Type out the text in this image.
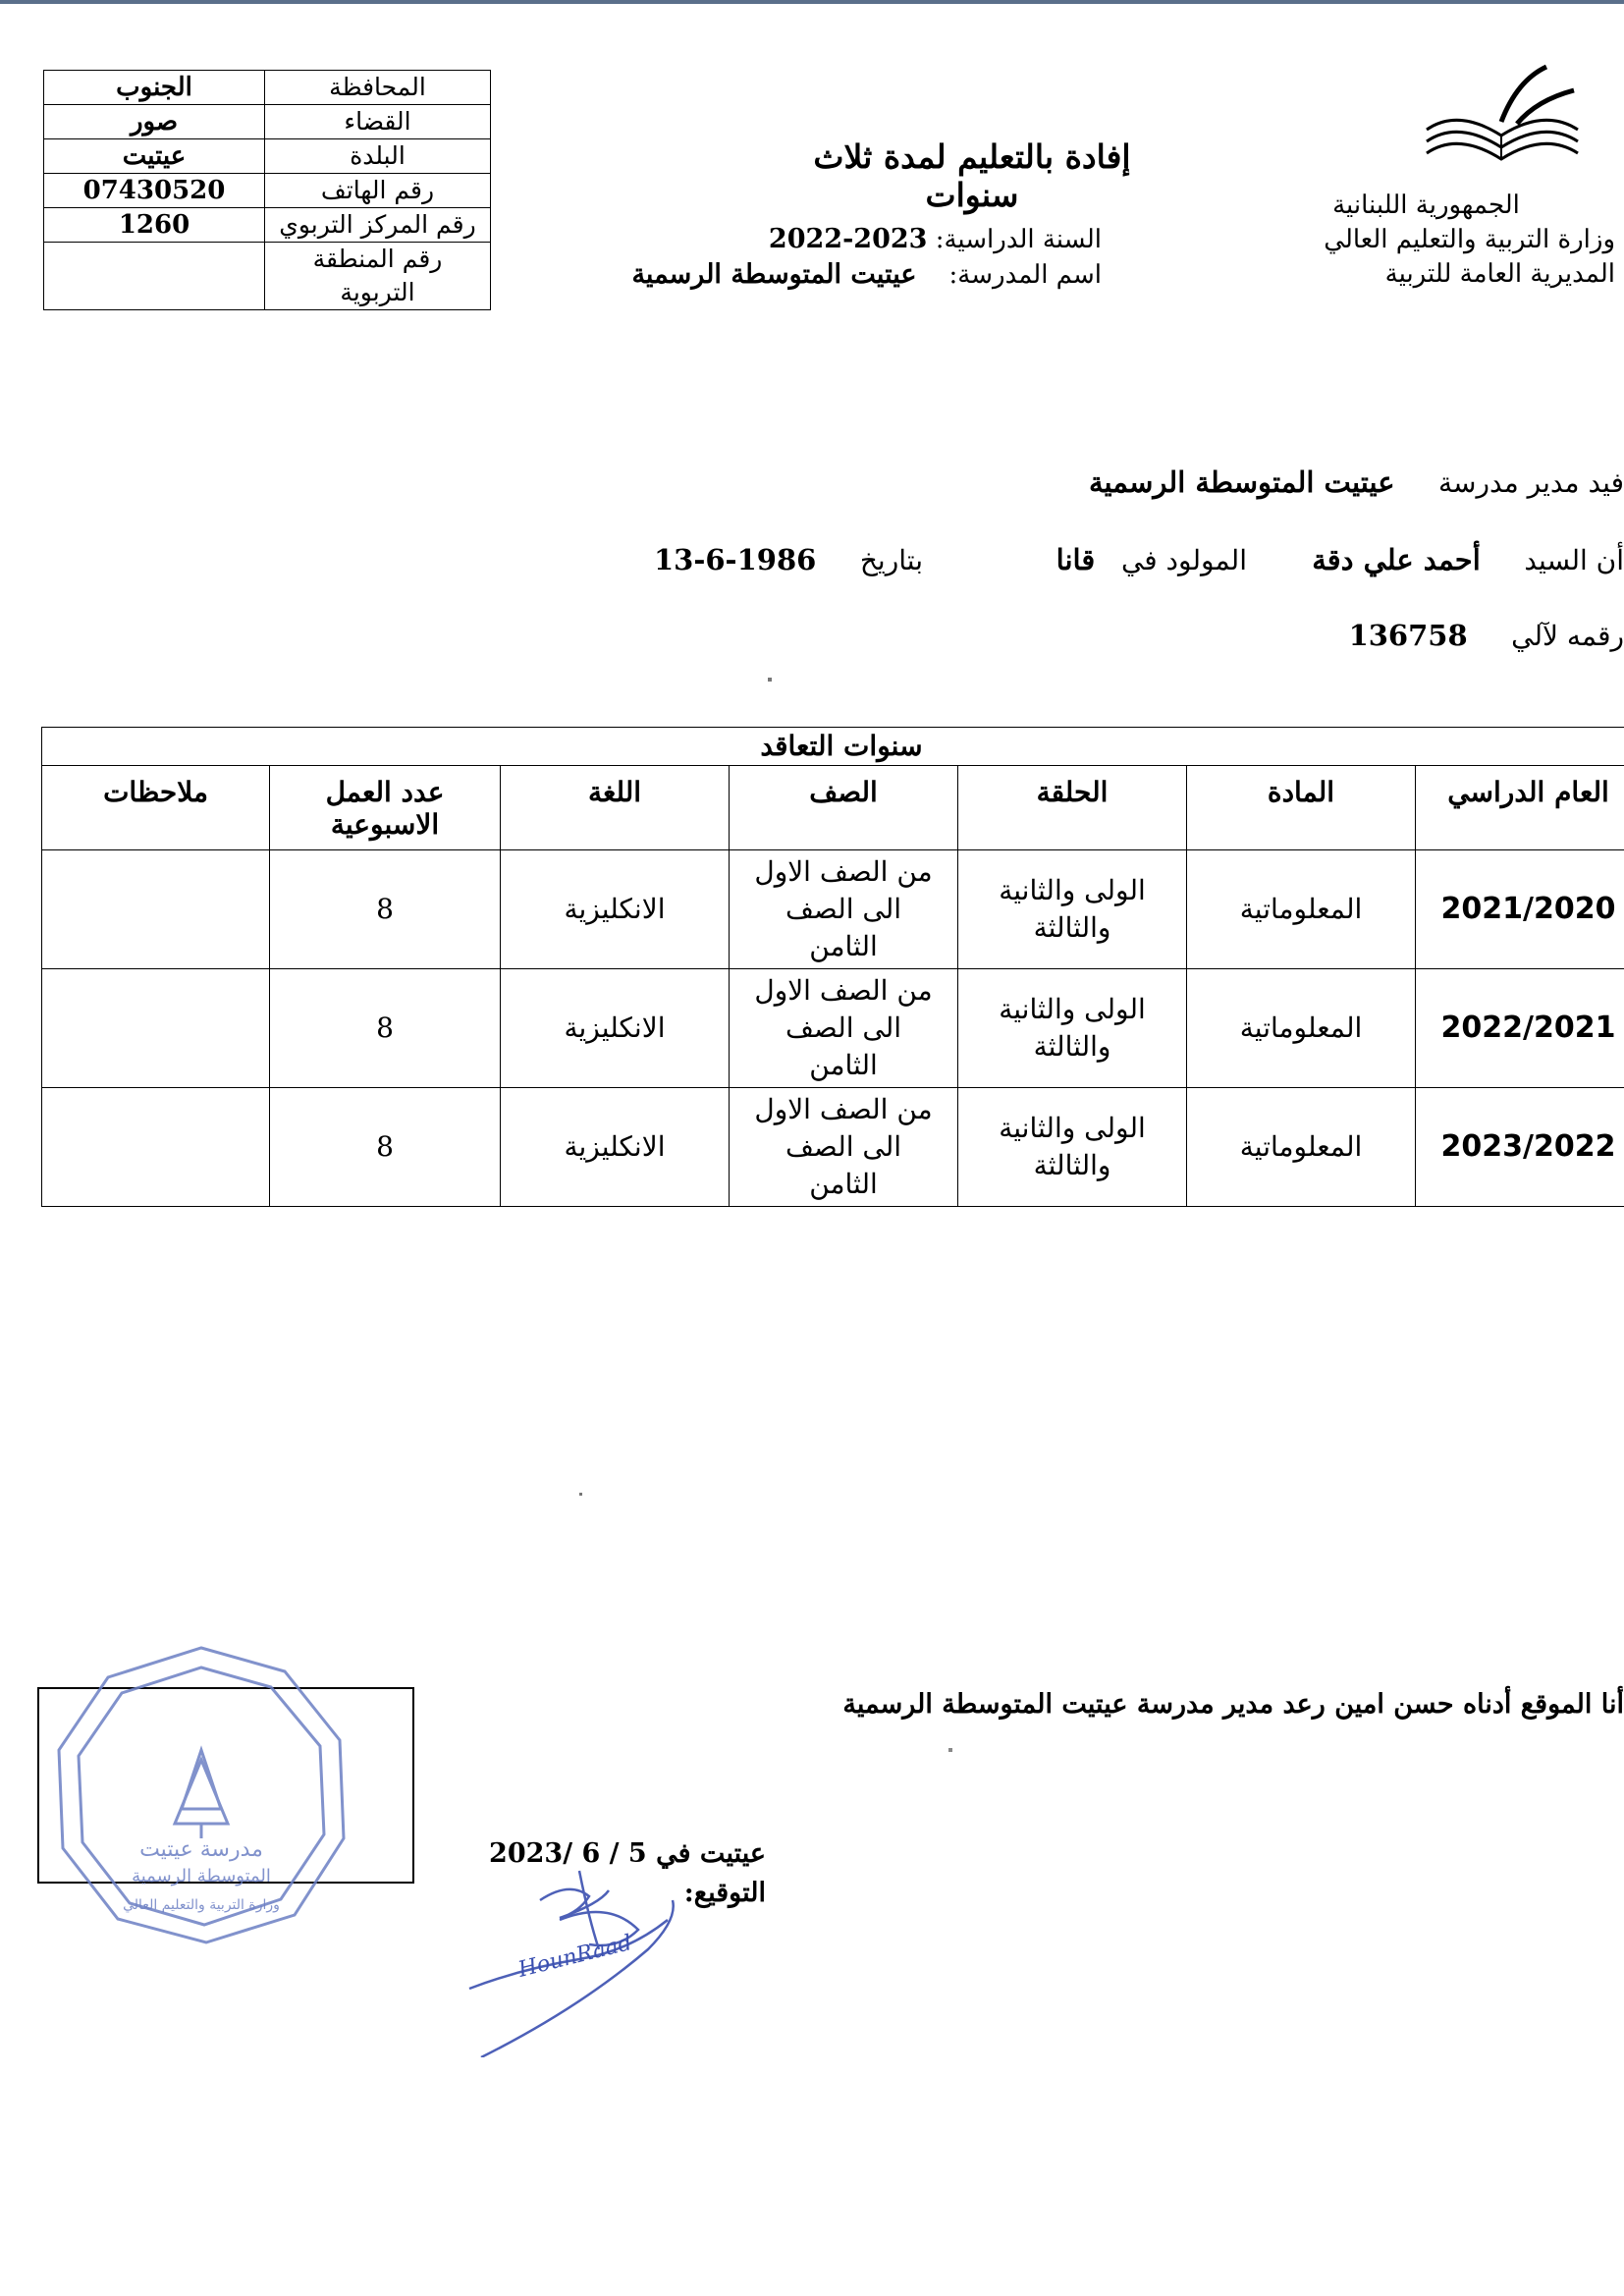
المحافظة	الجنوب
القضاء	صور
البلدة	عيتيت
رقم الهاتف	07430520
رقم المركز التربوي	1260
رقم المنطقة التربوية	
إفادة بالتعليم لمدة ثلاث سنوات
السنة الدراسية: 2023-2022
اسم المدرسة:    عيتيت المتوسطة الرسمية
الجمهورية اللبنانية
وزارة التربية والتعليم العالي
المديرية العامة للتربية
فيد مدير مدرسة     عيتيت المتوسطة الرسمية
أن السيد     أحمد علي دقة
المولود في   قانا
بتاريخ     1986-6-13
رقمه لآلي     136758
سنوات التعاقد						
العام الدراسي	المادة	الحلقة	الصف	اللغة	عدد العمل الاسبوعية	ملاحظات
2021/2020	المعلوماتية	الولى والثانية والثالثة	من الصف الاول الى الصف الثامن	الانكليزية	8	
2022/2021	المعلوماتية	الولى والثانية والثالثة	من الصف الاول الى الصف الثامن	الانكليزية	8	
2023/2022	المعلوماتية	الولى والثانية والثالثة	من الصف الاول الى الصف الثامن	الانكليزية	8	
أنا الموقع أدناه حسن امين رعد مدير مدرسة عيتيت المتوسطة الرسمية
مدرسة عيتيت
المتوسطة الرسمية
وزارة التربية والتعليم العالي
عيتيت في 5 / 6 /2023
التوقيع:
HounRaad
